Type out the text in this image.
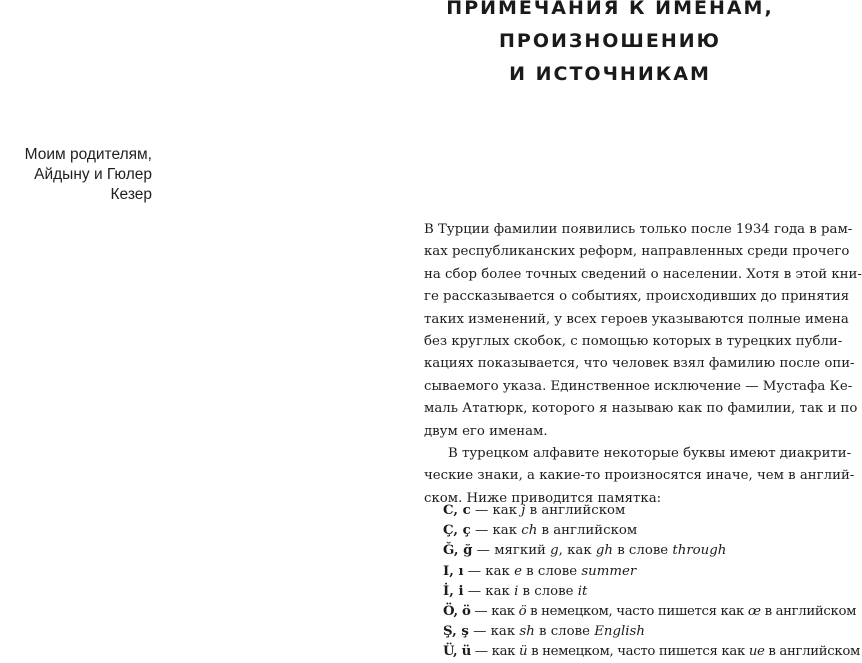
Моим родителям,
Айдыну и Гюлер Кезер
ПРИМЕЧАНИЯ К ИМЕНАМ,
ПРОИЗНОШЕНИЮ
И ИСТОЧНИКАМ
В Турции фамилии появились только после 1934 года в рам-
ках республиканских реформ, направленных среди прочего
на сбор более точных сведений о населении. Хотя в этой кни-
ге рассказывается о событиях, происходивших до принятия
таких изменений, у всех героев указываются полные имена
без круглых скобок, с помощью которых в турецких публи-
кациях показывается, что человек взял фамилию после опи-
сываемого указа. Единственное исключение — Мустафа Ке-
маль Ататюрк, которого я называю как по фамилии, так и по
двум его именам.
В турецком алфавите некоторые буквы имеют диакрити-
ческие знаки, а какие-то произносятся иначе, чем в англий-
ском. Ниже приводится памятка:
C, c — как j в английском
Ç, ç — как ch в английском
Ğ, ğ — мягкий g, как gh в слове through
I, ı — как e в слове summer
İ, i — как i в слове it
Ö, ö — как ö в немецком, часто пишется как œ в английском
Ş, ş — как sh в слове English
Ü, ü — как ü в немецком, часто пишется как ue в английском
